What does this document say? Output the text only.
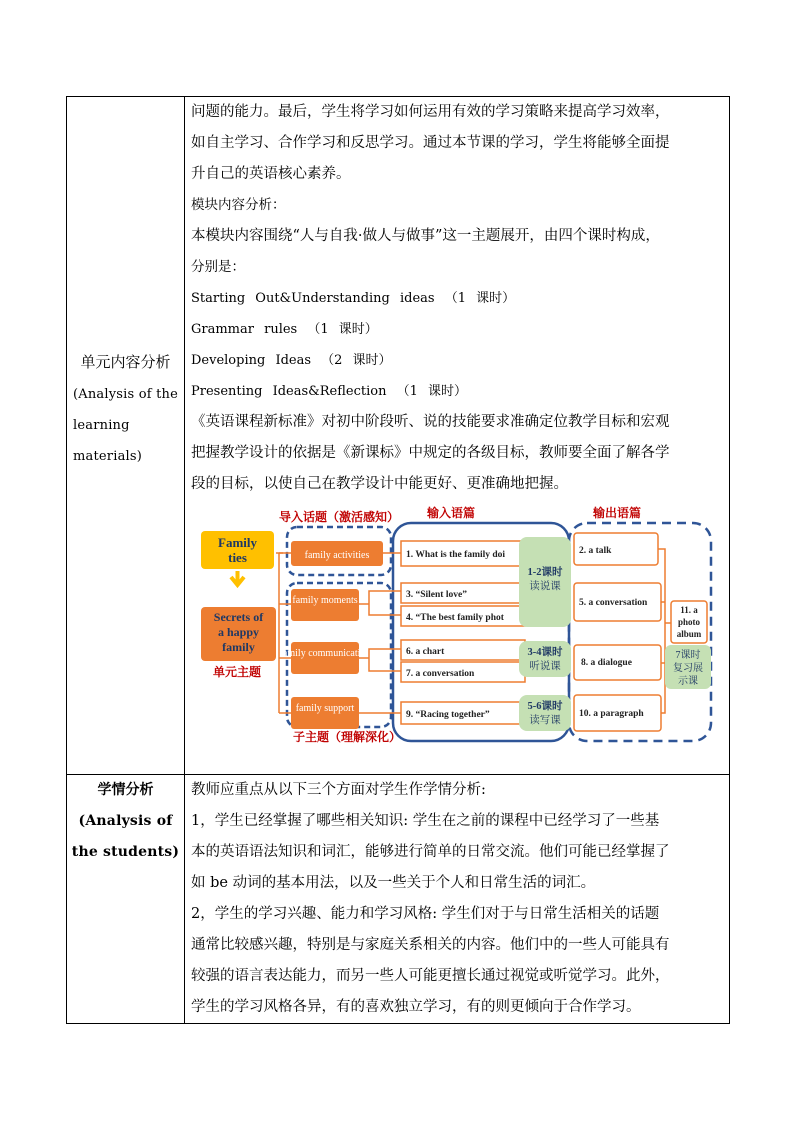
单元内容分析
(Analysis of the
learning
materials)

问题的能力。最后，学生将学习如何运用有效的学习策略来提高学习效率，

如自主学习、合作学习和反思学习。通过本节课的学习，学生将能够全面提

升自己的英语核心素养。

模块内容分析：

本模块内容围绕“人与自我·做人与做事”这一主题展开，由四个课时构成，

分别是：

Starting Out&Understanding ideas （1 课时）

Grammar rules （1 课时）

Developing Ideas （2 课时）

Presenting Ideas&Reflection （1 课时）

《英语课程新标准》对初中阶段听、说的技能要求准确定位教学目标和宏观

把握教学设计的依据是《新课标》中规定的各级目标，教师要全面了解各学

段的目标，以使自己在教学设计中能更好、更准确地把握。

学情分析
(Analysis of
the students)

教师应重点从以下三个方面对学生作学情分析:

1，学生已经掌握了哪些相关知识: 学生在之前的课程中已经学习了一些基

本的英语语法知识和词汇，能够进行简单的日常交流。他们可能已经掌握了

如 be 动词的基本用法，以及一些关于个人和日常生活的词汇。

2，学生的学习兴趣、能力和学习风格: 学生们对于与日常生活相关的话题

通常比较感兴趣，特别是与家庭关系相关的内容。他们中的一些人可能具有

较强的语言表达能力，而另一些人可能更擅长通过视觉或听觉学习。此外，

学生的学习风格各异，有的喜欢独立学习，有的则更倾向于合作学习。

导入话题（激活感知） 输入语篇	输出语篇
Family
ties
Secrets of
a happy
family
单元主题
family activities
family moments
family communication
family support
1. What is the family doi
3. “Silent love”
4. “The best family phot
6. a chart
7. a conversation
9. “Racing together”
1-2课时
读说课
3-4课时
听说课
5-6课时
读写课
2. a talk
5. a conversation
8. a dialogue
10. a paragraph
11. a
photo
album
7课时
复习展
示课
子主题（理解深化）
